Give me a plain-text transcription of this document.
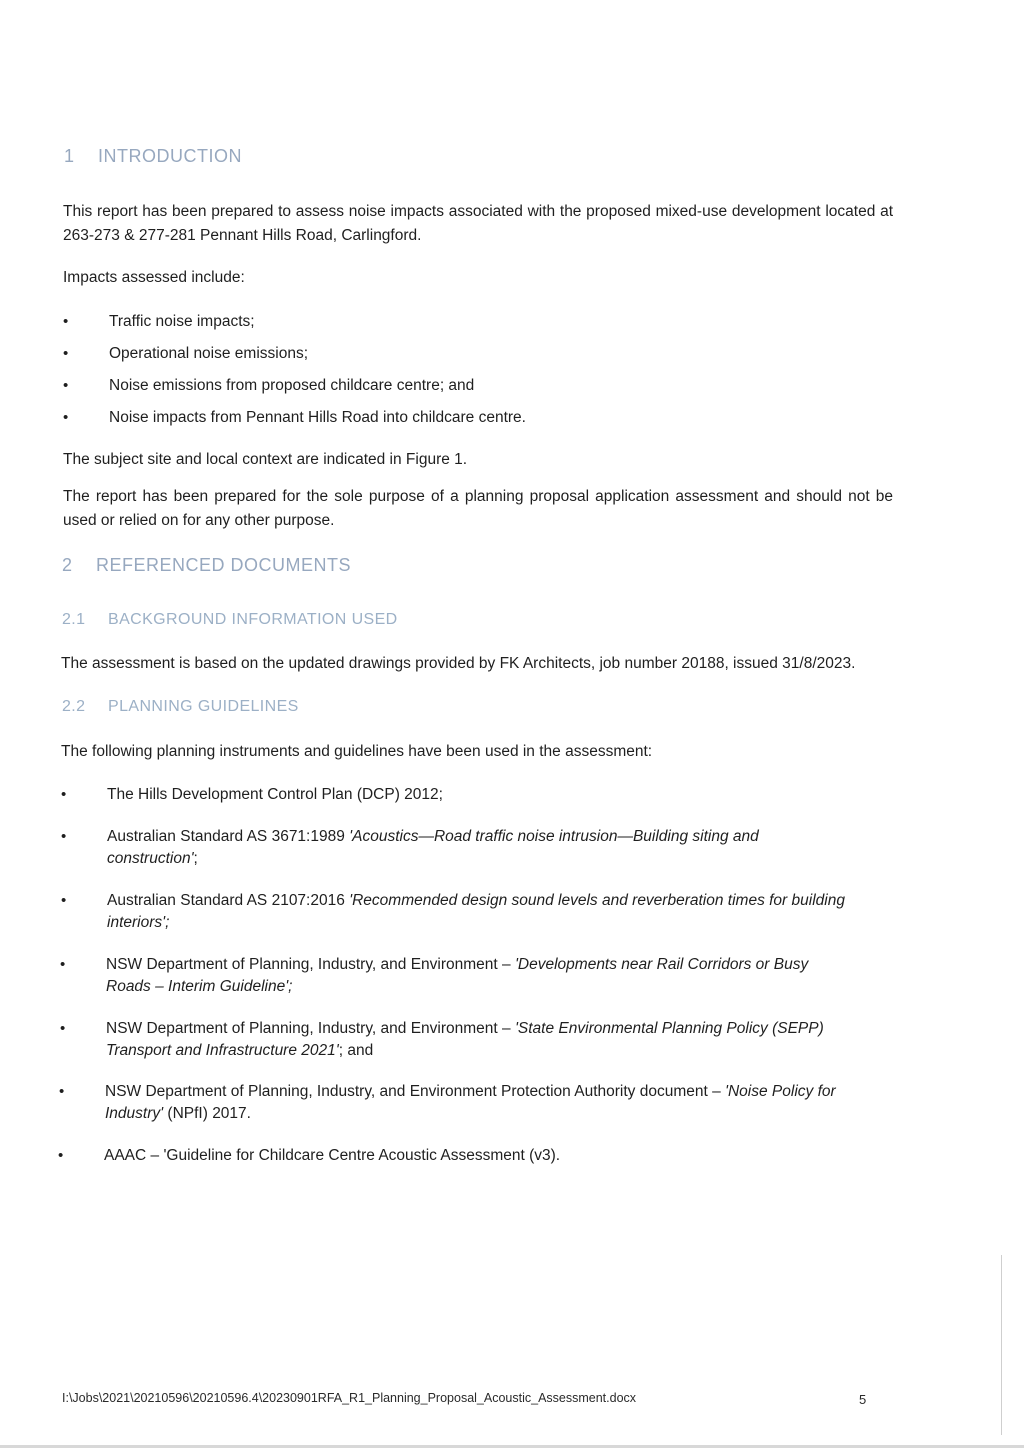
1 INTRODUCTION
This report has been prepared to assess noise impacts associated with the proposed mixed-use development located at 263-273 & 277-281 Pennant Hills Road, Carlingford.
Impacts assessed include:
•	Traffic noise impacts;
•	Operational noise emissions;
•	Noise emissions from proposed childcare centre; and
•	Noise impacts from Pennant Hills Road into childcare centre.
The subject site and local context are indicated in Figure 1.
The report has been prepared for the sole purpose of a planning proposal application assessment and should not be used or relied on for any other purpose.
2 REFERENCED DOCUMENTS
2.1 BACKGROUND INFORMATION USED
The assessment is based on the updated drawings provided by FK Architects, job number 20188, issued 31/8/2023.
2.2 PLANNING GUIDELINES
The following planning instruments and guidelines have been used in the assessment:
•	The Hills Development Control Plan (DCP) 2012;
•	Australian Standard AS 3671:1989 'Acoustics—Road traffic noise intrusion—Building siting and construction';
•	Australian Standard AS 2107:2016 'Recommended design sound levels and reverberation times for building interiors';
•	NSW Department of Planning, Industry, and Environment – 'Developments near Rail Corridors or Busy Roads – Interim Guideline';
•	NSW Department of Planning, Industry, and Environment – 'State Environmental Planning Policy (SEPP) Transport and Infrastructure 2021'; and
•	NSW Department of Planning, Industry, and Environment Protection Authority document – 'Noise Policy for Industry' (NPfI) 2017.
•	AAAC – 'Guideline for Childcare Centre Acoustic Assessment (v3).
I:\Jobs\2021\20210596\20210596.4\20230901RFA_R1_Planning_Proposal_Acoustic_Assessment.docx	5
